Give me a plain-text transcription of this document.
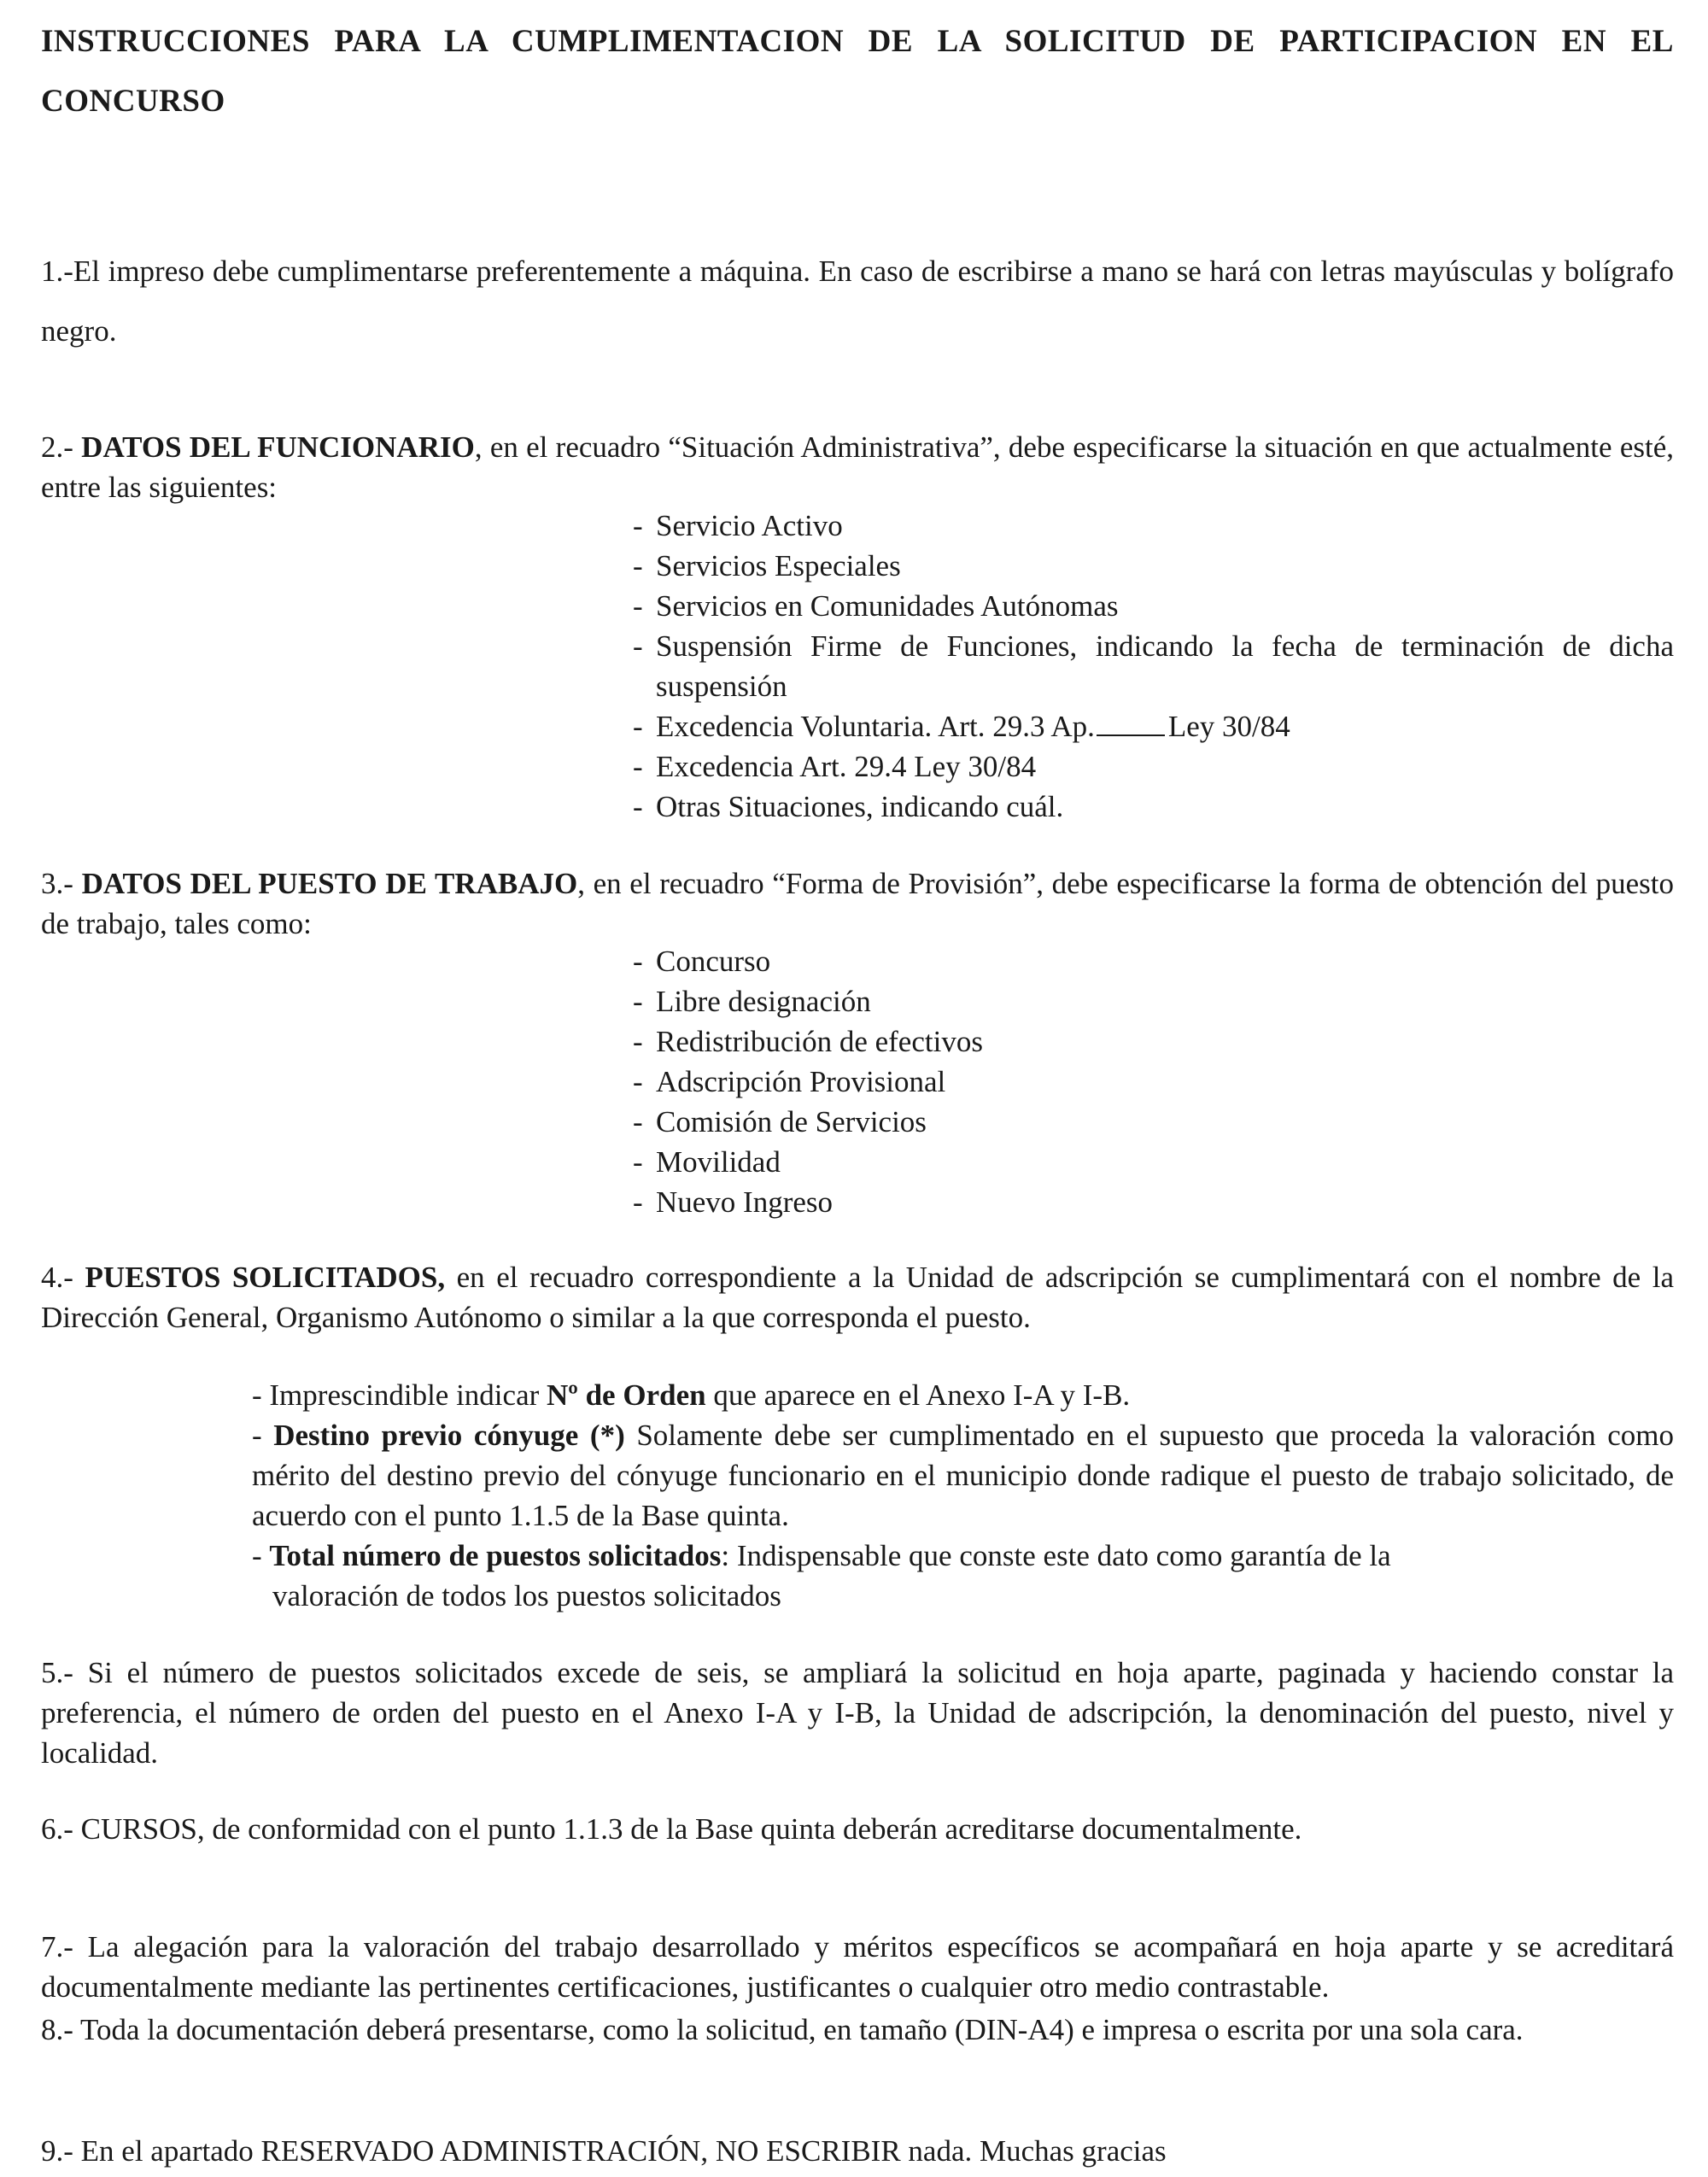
INSTRUCCIONES PARA LA CUMPLIMENTACION DE LA SOLICITUD DE PARTICIPACION EN EL CONCURSO
1.-El impreso debe cumplimentarse preferentemente a máquina. En caso de escribirse a mano se hará con letras mayúsculas y bolígrafo negro.
2.- DATOS DEL FUNCIONARIO, en el recuadro “Situación Administrativa”, debe especificarse la situación en que actualmente esté, entre las siguientes:
- Servicio Activo
- Servicios Especiales
- Servicios en Comunidades Autónomas
- Suspensión Firme de Funciones, indicando la fecha de terminación de dicha suspensión
- Excedencia Voluntaria. Art. 29.3 Ap. Ley 30/84
- Excedencia Art. 29.4 Ley 30/84
- Otras Situaciones, indicando cuál.
3.- DATOS DEL PUESTO DE TRABAJO, en el recuadro “Forma de Provisión”, debe especificarse la forma de obtención del puesto de trabajo, tales como:
- Concurso
- Libre designación
- Redistribución de efectivos
- Adscripción Provisional
- Comisión de Servicios
- Movilidad
- Nuevo Ingreso
4.- PUESTOS SOLICITADOS, en el recuadro correspondiente a la Unidad de adscripción se cumplimentará con el nombre de la Dirección General, Organismo Autónomo o similar a la que corresponda el puesto.
- Imprescindible indicar Nº de Orden que aparece en el Anexo I-A y I-B.
- Destino previo cónyuge (*) Solamente debe ser cumplimentado en el supuesto que proceda la valoración como mérito del destino previo del cónyuge funcionario en el municipio donde radique el puesto de trabajo solicitado, de acuerdo con el punto 1.1.5 de la Base quinta.
- Total número de puestos solicitados: Indispensable que conste este dato como garantía de la
valoración de todos los puestos solicitados
5.- Si el número de puestos solicitados excede de seis, se ampliará la solicitud en hoja aparte, paginada y haciendo constar la preferencia, el número de orden del puesto en el Anexo I-A y I-B, la Unidad de adscripción, la denominación del puesto, nivel y localidad.
6.- CURSOS, de conformidad con el punto 1.1.3 de la Base quinta deberán acreditarse documentalmente.
7.- La alegación para la valoración del trabajo desarrollado y méritos específicos se acompañará en hoja aparte y se acreditará documentalmente mediante las pertinentes certificaciones, justificantes o cualquier otro medio contrastable.
8.- Toda la documentación deberá presentarse, como la solicitud, en tamaño (DIN-A4) e impresa o escrita por una sola cara.
9.- En el apartado RESERVADO ADMINISTRACIÓN, NO ESCRIBIR nada. Muchas gracias
